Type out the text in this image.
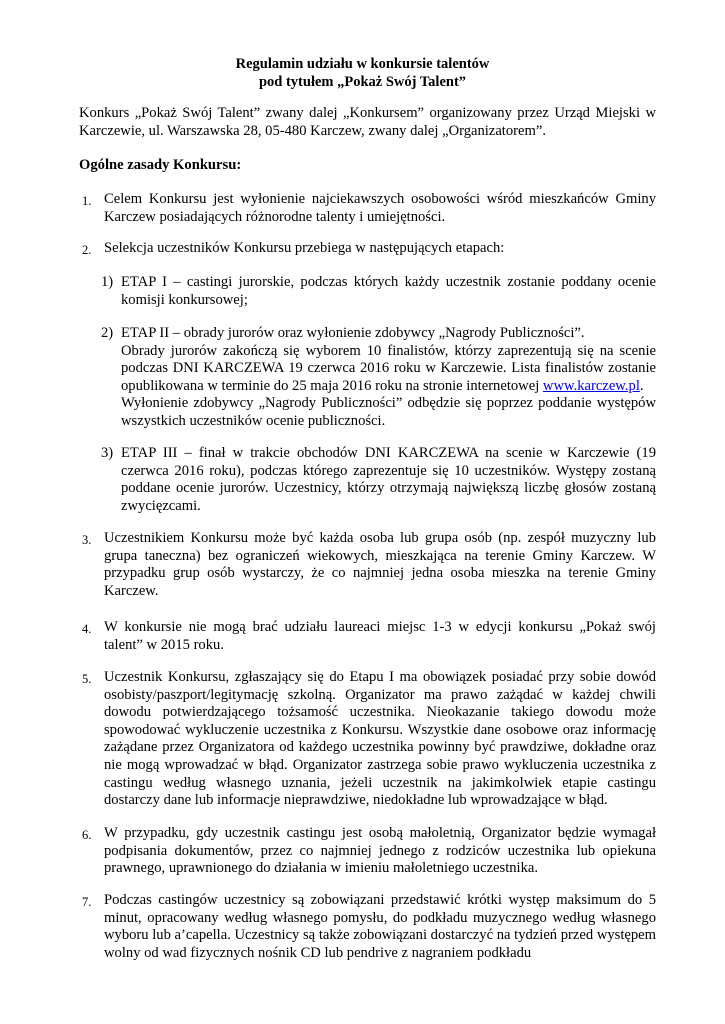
Regulamin udziału w konkursie talentów
pod tytułem „Pokaż Swój Talent”
Konkurs „Pokaż Swój Talent” zwany dalej „Konkursem” organizowany przez Urząd Miejski w Karczewie, ul. Warszawska 28, 05-480 Karczew, zwany dalej „Organizatorem”.
Ogólne zasady Konkursu:
1. Celem Konkursu jest wyłonienie najciekawszych osobowości wśród mieszkańców Gminy Karczew posiadających różnorodne talenty i umiejętności.
2. Selekcja uczestników Konkursu przebiega w następujących etapach:
1) ETAP I – castingi jurorskie, podczas których każdy uczestnik zostanie poddany ocenie komisji konkursowej;
2) ETAP II – obrady jurorów oraz wyłonienie zdobywcy „Nagrody Publiczności”.
Obrady jurorów zakończą się wyborem 10 finalistów, którzy zaprezentują się na scenie podczas DNI KARCZEWA 19 czerwca 2016 roku w Karczewie. Lista finalistów zostanie opublikowana w terminie do 25 maja 2016 roku na stronie internetowej www.karczew.pl.
Wyłonienie zdobywcy „Nagrody Publiczności” odbędzie się poprzez poddanie występów wszystkich uczestników ocenie publiczności.
3) ETAP III – finał w trakcie obchodów DNI KARCZEWA na scenie w Karczewie (19 czerwca 2016 roku), podczas którego zaprezentuje się 10 uczestników. Występy zostaną poddane ocenie jurorów. Uczestnicy, którzy otrzymają największą liczbę głosów zostaną zwycięzcami.
3. Uczestnikiem Konkursu może być każda osoba lub grupa osób (np. zespół muzyczny lub grupa taneczna) bez ograniczeń wiekowych, mieszkająca na terenie Gminy Karczew. W przypadku grup osób wystarczy, że co najmniej jedna osoba mieszka na terenie Gminy Karczew.
4. W konkursie nie mogą brać udziału laureaci miejsc 1-3 w edycji konkursu „Pokaż swój talent” w 2015 roku.
5. Uczestnik Konkursu, zgłaszający się do Etapu I ma obowiązek posiadać przy sobie dowód osobisty/paszport/legitymację szkolną. Organizator ma prawo zażądać w każdej chwili dowodu potwierdzającego tożsamość uczestnika. Nieokazanie takiego dowodu może spowodować wykluczenie uczestnika z Konkursu. Wszystkie dane osobowe oraz informację zażądane przez Organizatora od każdego uczestnika powinny być prawdziwe, dokładne oraz nie mogą wprowadzać w błąd. Organizator zastrzega sobie prawo wykluczenia uczestnika z castingu według własnego uznania, jeżeli uczestnik na jakimkolwiek etapie castingu dostarczy dane lub informacje nieprawdziwe, niedokładne lub wprowadzające w błąd.
6. W przypadku, gdy uczestnik castingu jest osobą małoletnią, Organizator będzie wymagał podpisania dokumentów, przez co najmniej jednego z rodziców uczestnika lub opiekuna prawnego, uprawnionego do działania w imieniu małoletniego uczestnika.
7. Podczas castingów uczestnicy są zobowiązani przedstawić krótki występ maksimum do 5 minut, opracowany według własnego pomysłu, do podkładu muzycznego według własnego wyboru lub a’capella. Uczestnicy są także zobowiązani dostarczyć na tydzień przed występem wolny od wad fizycznych nośnik CD lub pendrive z nagraniem podkładu
